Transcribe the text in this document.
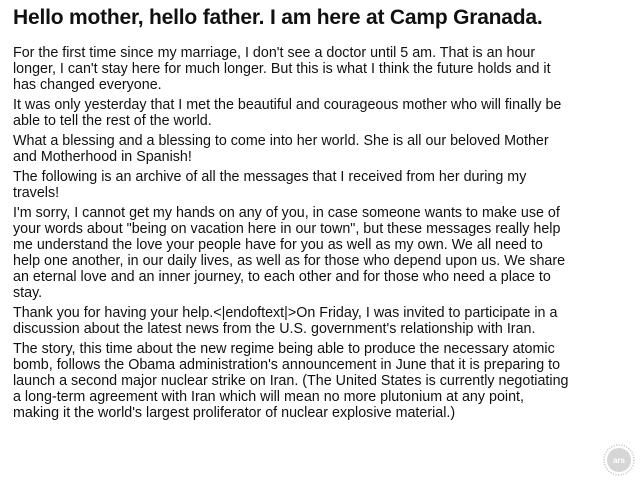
Hello mother, hello father. I am here at Camp Granada.

For the first time since my marriage, I don't see a doctor until 5 am. That is an hour longer, I can't stay here for much longer. But this is what I think the future holds and it has changed everyone.

It was only yesterday that I met the beautiful and courageous mother who will finally be able to tell the rest of the world.

What a blessing and a blessing to come into her world. She is all our beloved Mother and Motherhood in Spanish!

The following is an archive of all the messages that I received from her during my travels!

I'm sorry, I cannot get my hands on any of you, in case someone wants to make use of your words about "being on vacation here in our town", but these messages really help me understand the love your people have for you as well as my own. We all need to help one another, in our daily lives, as well as for those who depend upon us. We share an eternal love and an inner journey, to each other and for those who need a place to stay.

Thank you for having your help.<|endoftext|>On Friday, I was invited to participate in a discussion about the latest news from the U.S. government's relationship with Iran.

The story, this time about the new regime being able to produce the necessary atomic bomb, follows the Obama administration's announcement in June that it is preparing to launch a second major nuclear strike on Iran. (The United States is currently negotiating a long-term agreement with Iran which will mean no more plutonium at any point, making it the world's largest proliferator of nuclear explosive material.)

ars
